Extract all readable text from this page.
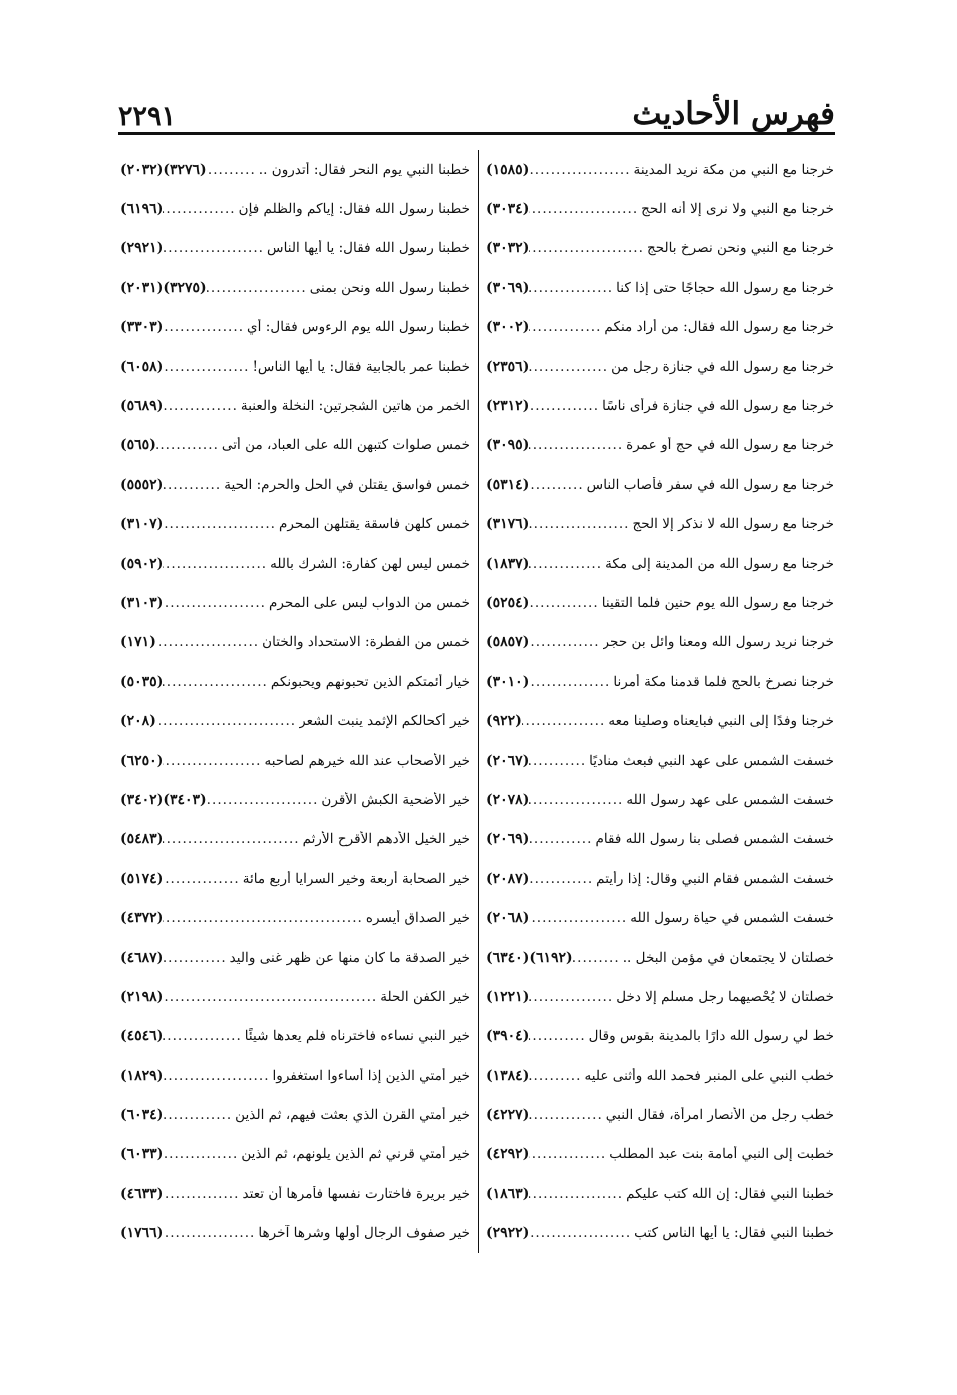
فهرس الأحاديث
٢٢٩١
خرجنا مع النبي من مكة نريد المدينة
.....
(١٥٨٥)
خرجنا مع النبي ولا نرى إلا أنه الحج
.....
(٣٠٣٤)
خرجنا مع النبي ونحن نصرخ بالحج
.....
(٣٠٣٢)
خرجنا مع رسول الله حجاجًا حتى إذا كنا
.....
(٣٠٦٩)
خرجنا مع رسول الله فقال: من أراد منكم
.....
(٣٠٠٢)
خرجنا مع رسول الله في جنازة رجل من
.....
(٢٣٥٦)
خرجنا مع رسول الله في جنازة فرأى ناسًا
.....
(٢٣١٢)
خرجنا مع رسول الله في حج أو عمرة
.....
(٣٠٩٥)
خرجنا مع رسول الله في سفر فأصاب الناس
.....
(٥٣١٤)
خرجنا مع رسول الله لا نذكر إلا الحج
.....
(٣١٧٦)
خرجنا مع رسول الله من المدينة إلى مكة
.....
(١٨٣٧)
خرجنا مع رسول الله يوم حنين فلما التقينا
.....
(٥٢٥٤)
خرجنا نريد رسول الله ومعنا وائل بن حجر
.....
(٥٨٥٧)
خرجنا نصرخ بالحج فلما قدمنا مكة أمرنا
.....
(٣٠١٠)
خرجنا وفدًا إلى النبي فبايعناه وصلينا معه
.....
(٩٢٢)
خسفت الشمس على عهد النبي فبعث مناديًا
.....
(٢٠٦٧)
خسفت الشمس على عهد رسول الله
.....
(٢٠٧٨)
خسفت الشمس فصلى بنا رسول الله فقام
.....
(٢٠٦٩)
خسفت الشمس فقام النبي وقال: إذا رأيتم
.....
(٢٠٨٧)
خسفت الشمس في حياة رسول الله
.....
(٢٠٦٨)
خصلتان لا يجتمعان في مؤمن البخل ..
.....
(٦١٩٢)(٦٣٤٠)
خصلتان لا يُحْصيهما رجل مسلم إلا دخل
.....
(١٢٢١)
خط لي رسول الله دارًا بالمدينة بقوس وقال
.....
(٣٩٠٤)
خطب النبي على المنبر فحمد الله وأثنى عليه
.....
(١٣٨٤)
خطب رجل من الأنصار امرأة، فقال النبي
.....
(٤٢٢٧)
خطبت إلى النبي أمامة بنت عبد المطلب
.....
(٤٢٩٢)
خطبنا النبي فقال: إن الله كتب عليكم
.....
(١٨٦٣)
خطبنا النبي فقال: يا أيها الناس كتب
.....
(٢٩٢٢)
خطبنا النبي يوم النحر فقال: أتدرون ..
.....
(٣٢٧٦)(٢٠٣٢)
خطبنا رسول الله فقال: إياكم والظلم فإن
.....
(٦١٩٦)
خطبنا رسول الله فقال: يا أيها الناس
.....
(٢٩٢١)
خطبنا رسول الله ونحن بمنى
.....
(٣٢٧٥)(٢٠٣١)
خطبنا رسول الله يوم الرءوس فقال: أي
.....
(٣٣٠٣)
خطبنا عمر بالجابية فقال: يا أيها الناس!
.....
(٦٠٥٨)
الخمر من هاتين الشجرتين: النخلة والعنبة
.....
(٥٦٨٩)
خمس صلوات كتبهن الله على العباد، من أتى
.....
(٥٦٥)
خمس فواسق يقتلن في الحل والحرم: الحية
.....
(٥٥٥٢)
خمس كلهن فاسقة يقتلهن المحرم
.....
(٣١٠٧)
خمس ليس لهن كفارة: الشرك بالله
.....
(٥٩٠٢)
خمس من الدواب ليس على المحرم
.....
(٣١٠٣)
خمس من الفطرة: الاستحداد والختان
.....
(١٧١)
خيار أئمتكم الذين تحبونهم ويحبونكم
.....
(٥٠٣٥)
خير أكحالكم الإثمد ينبت الشعر
.....
(٢٠٨)
خير الأصحاب عند الله خيرهم لصاحبه
.....
(٦٢٥٠)
خير الأضحية الكبش الأقرن
.....
(٣٤٠٣)(٣٤٠٢)
خير الخيل الأدهم الأقرح الأرثم
.....
(٥٤٨٣)
خير الصحابة أربعة وخير السرايا أربع مائة
.....
(٥١٧٤)
خير الصداق أيسره
.....
(٤٣٧٢)
خير الصدقة ما كان منها عن ظهر غنى واليد
.....
(٤٦٨٧)
خير الكفن الحلة
.....
(٢١٩٨)
خير النبي نساءه فاخترناه فلم يعدها شيئًا
.....
(٤٥٤٦)
خير أمتي الذين إذا أساءوا استغفروا
.....
(١٨٢٩)
خير أمتي القرن الذي بعثت فيهم، ثم الذين
.....
(٦٠٣٤)
خير أمتي قرني ثم الذين يلونهم، ثم الذين
.....
(٦٠٣٣)
خير بريرة فاختارت نفسها فأمرها أن تعتد
.....
(٤٦٣٣)
خير صفوف الرجال أولها وشرها آخرها
.....
(١٧٦٦)
